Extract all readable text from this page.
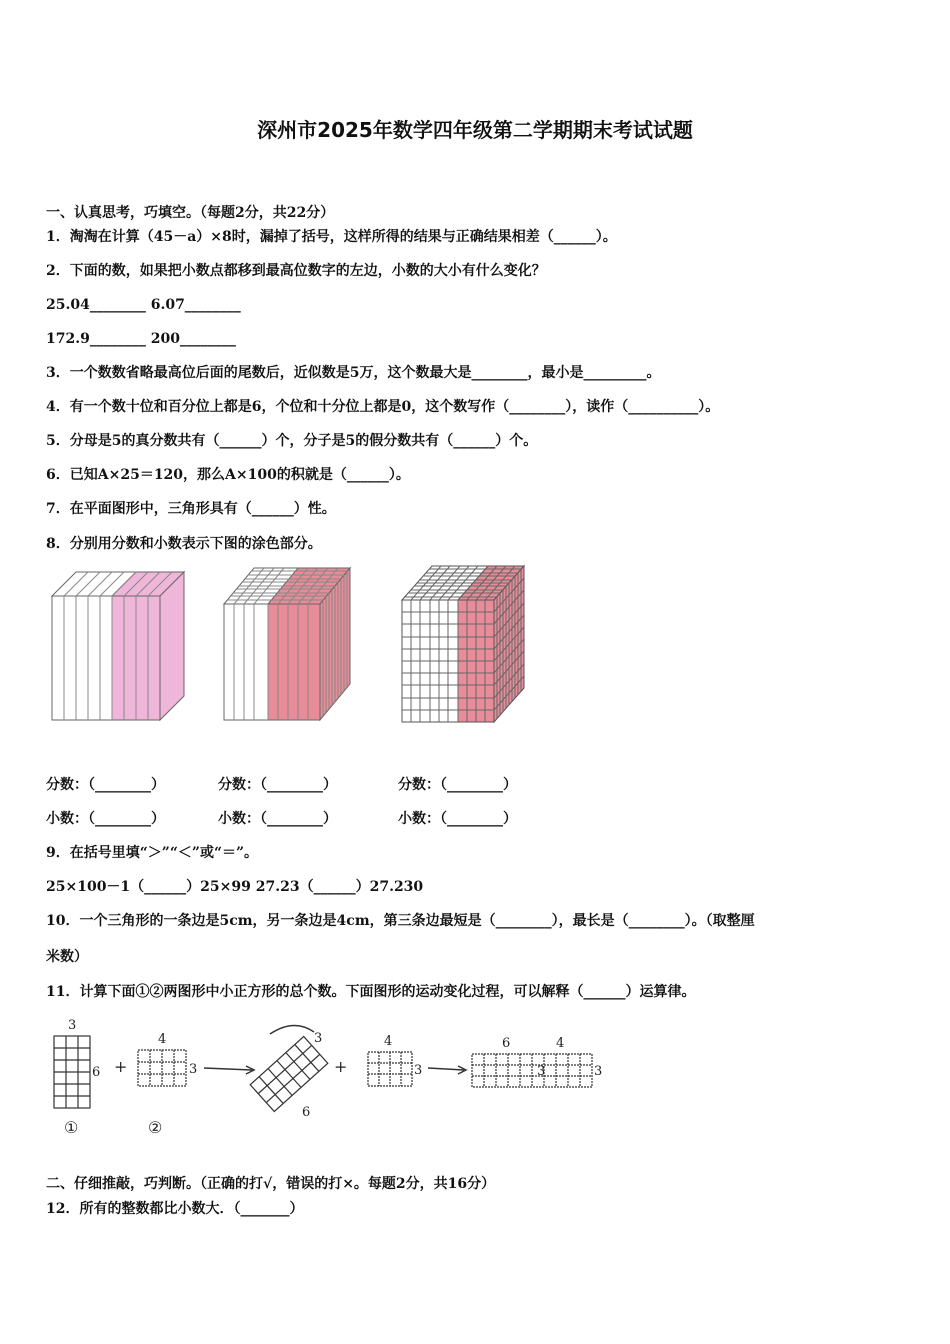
深州市2025年数学四年级第二学期期末考试试题
一、认真思考，巧填空。（每题2分，共22分）
1．淘淘在计算（45－a）×8时，漏掉了括号，这样所得的结果与正确结果相差（______）。
2．下面的数，如果把小数点都移到最高位数字的左边，小数的大小有什么变化？
25.04________ 6.07________
172.9________ 200________
3．一个数数省略最高位后面的尾数后，近似数是5万，这个数最大是________，最小是_________。
4．有一个数十位和百分位上都是6，个位和十分位上都是0，这个数写作（________），读作（__________）。
5．分母是5的真分数共有（______）个，分子是5的假分数共有（______）个。
6．已知A×25＝120，那么A×100的积就是（______）。
7．在平面图形中，三角形具有（______）性。
8．分别用分数和小数表示下图的涂色部分。
分数：（________）	分数：（________）	分数：（________）
小数：（________）	小数：（________）	小数：（________）
9．在括号里填“＞”“＜”或“＝”。
25×100－1（______）25×99 27.23（______）27.230
10．一个三角形的一条边是5cm，另一条边是4cm，第三条边最短是（________），最长是（________）。（取整厘
米数）
11．计算下面①②两图形中小正方形的总个数。下面图形的运动变化过程，可以解释（______）运算律。
3
6
①
+
4
3
②
3
6
+
4
3
6	4
3	3
二、仔细推敲，巧判断。（正确的打√，错误的打×。每题2分，共16分）
12．所有的整数都比小数大．（_______）
